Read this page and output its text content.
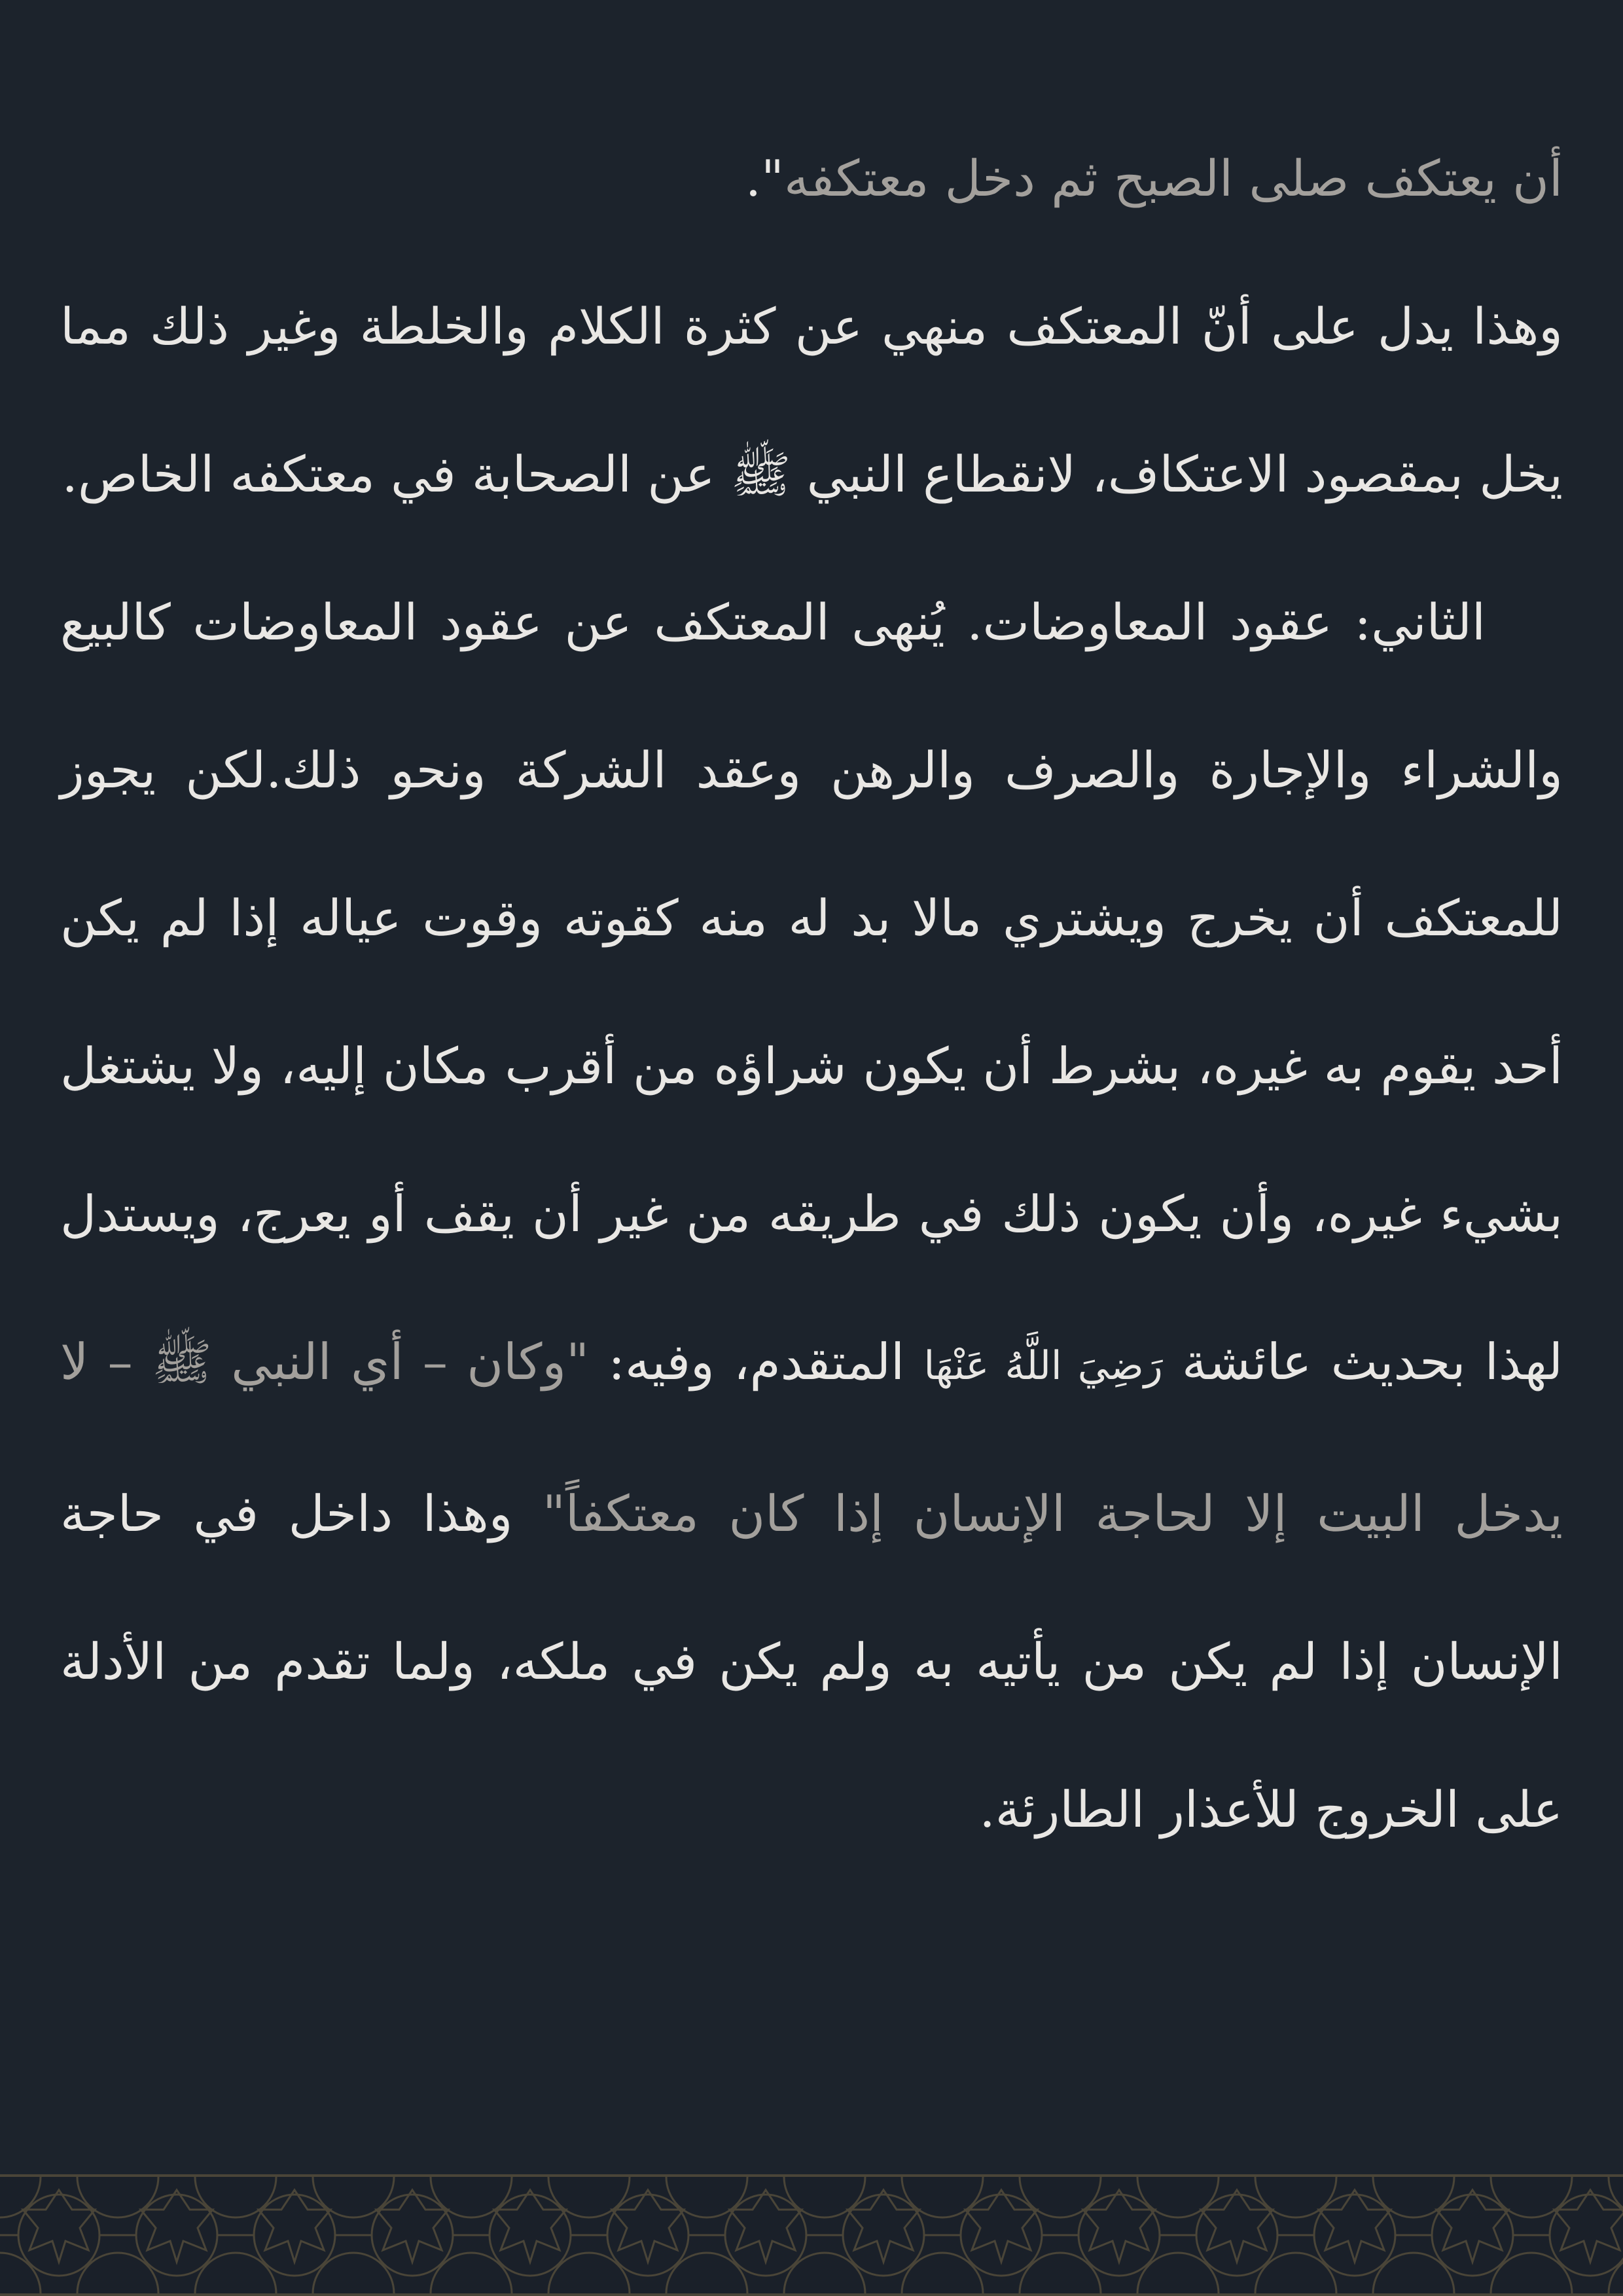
أن يعتكف صلى الصبح ثم دخل معتكفه".

وهذا يدل على أنّ المعتكف منهي عن كثرة الكلام والخلطة وغير ذلك مما يخل بمقصود الاعتكاف، لانقطاع النبي ﷺ عن الصحابة في معتكفه الخاص.

الثاني: عقود المعاوضات. يُنهى المعتكف عن عقود المعاوضات كالبيع والشراء والإجارة والصرف والرهن وعقد الشركة ونحو ذلك.لكن يجوز للمعتكف أن يخرج ويشتري مالا بد له منه كقوته وقوت عياله إذا لم يكن أحد يقوم به غيره، بشرط أن يكون شراؤه من أقرب مكان إليه، ولا يشتغل بشيء غيره، وأن يكون ذلك في طريقه من غير أن يقف أو يعرج، ويستدل لهذا بحديث عائشة رَضِيَ اللَّهُ عَنْهَا المتقدم، وفيه: "وكان – أي النبي ﷺ – لا يدخل البيت إلا لحاجة الإنسان إذا كان معتكفاً" وهذا داخل في حاجة الإنسان إذا لم يكن من يأتيه به ولم يكن في ملكه، ولما تقدم من الأدلة على الخروج للأعذار الطارئة.
